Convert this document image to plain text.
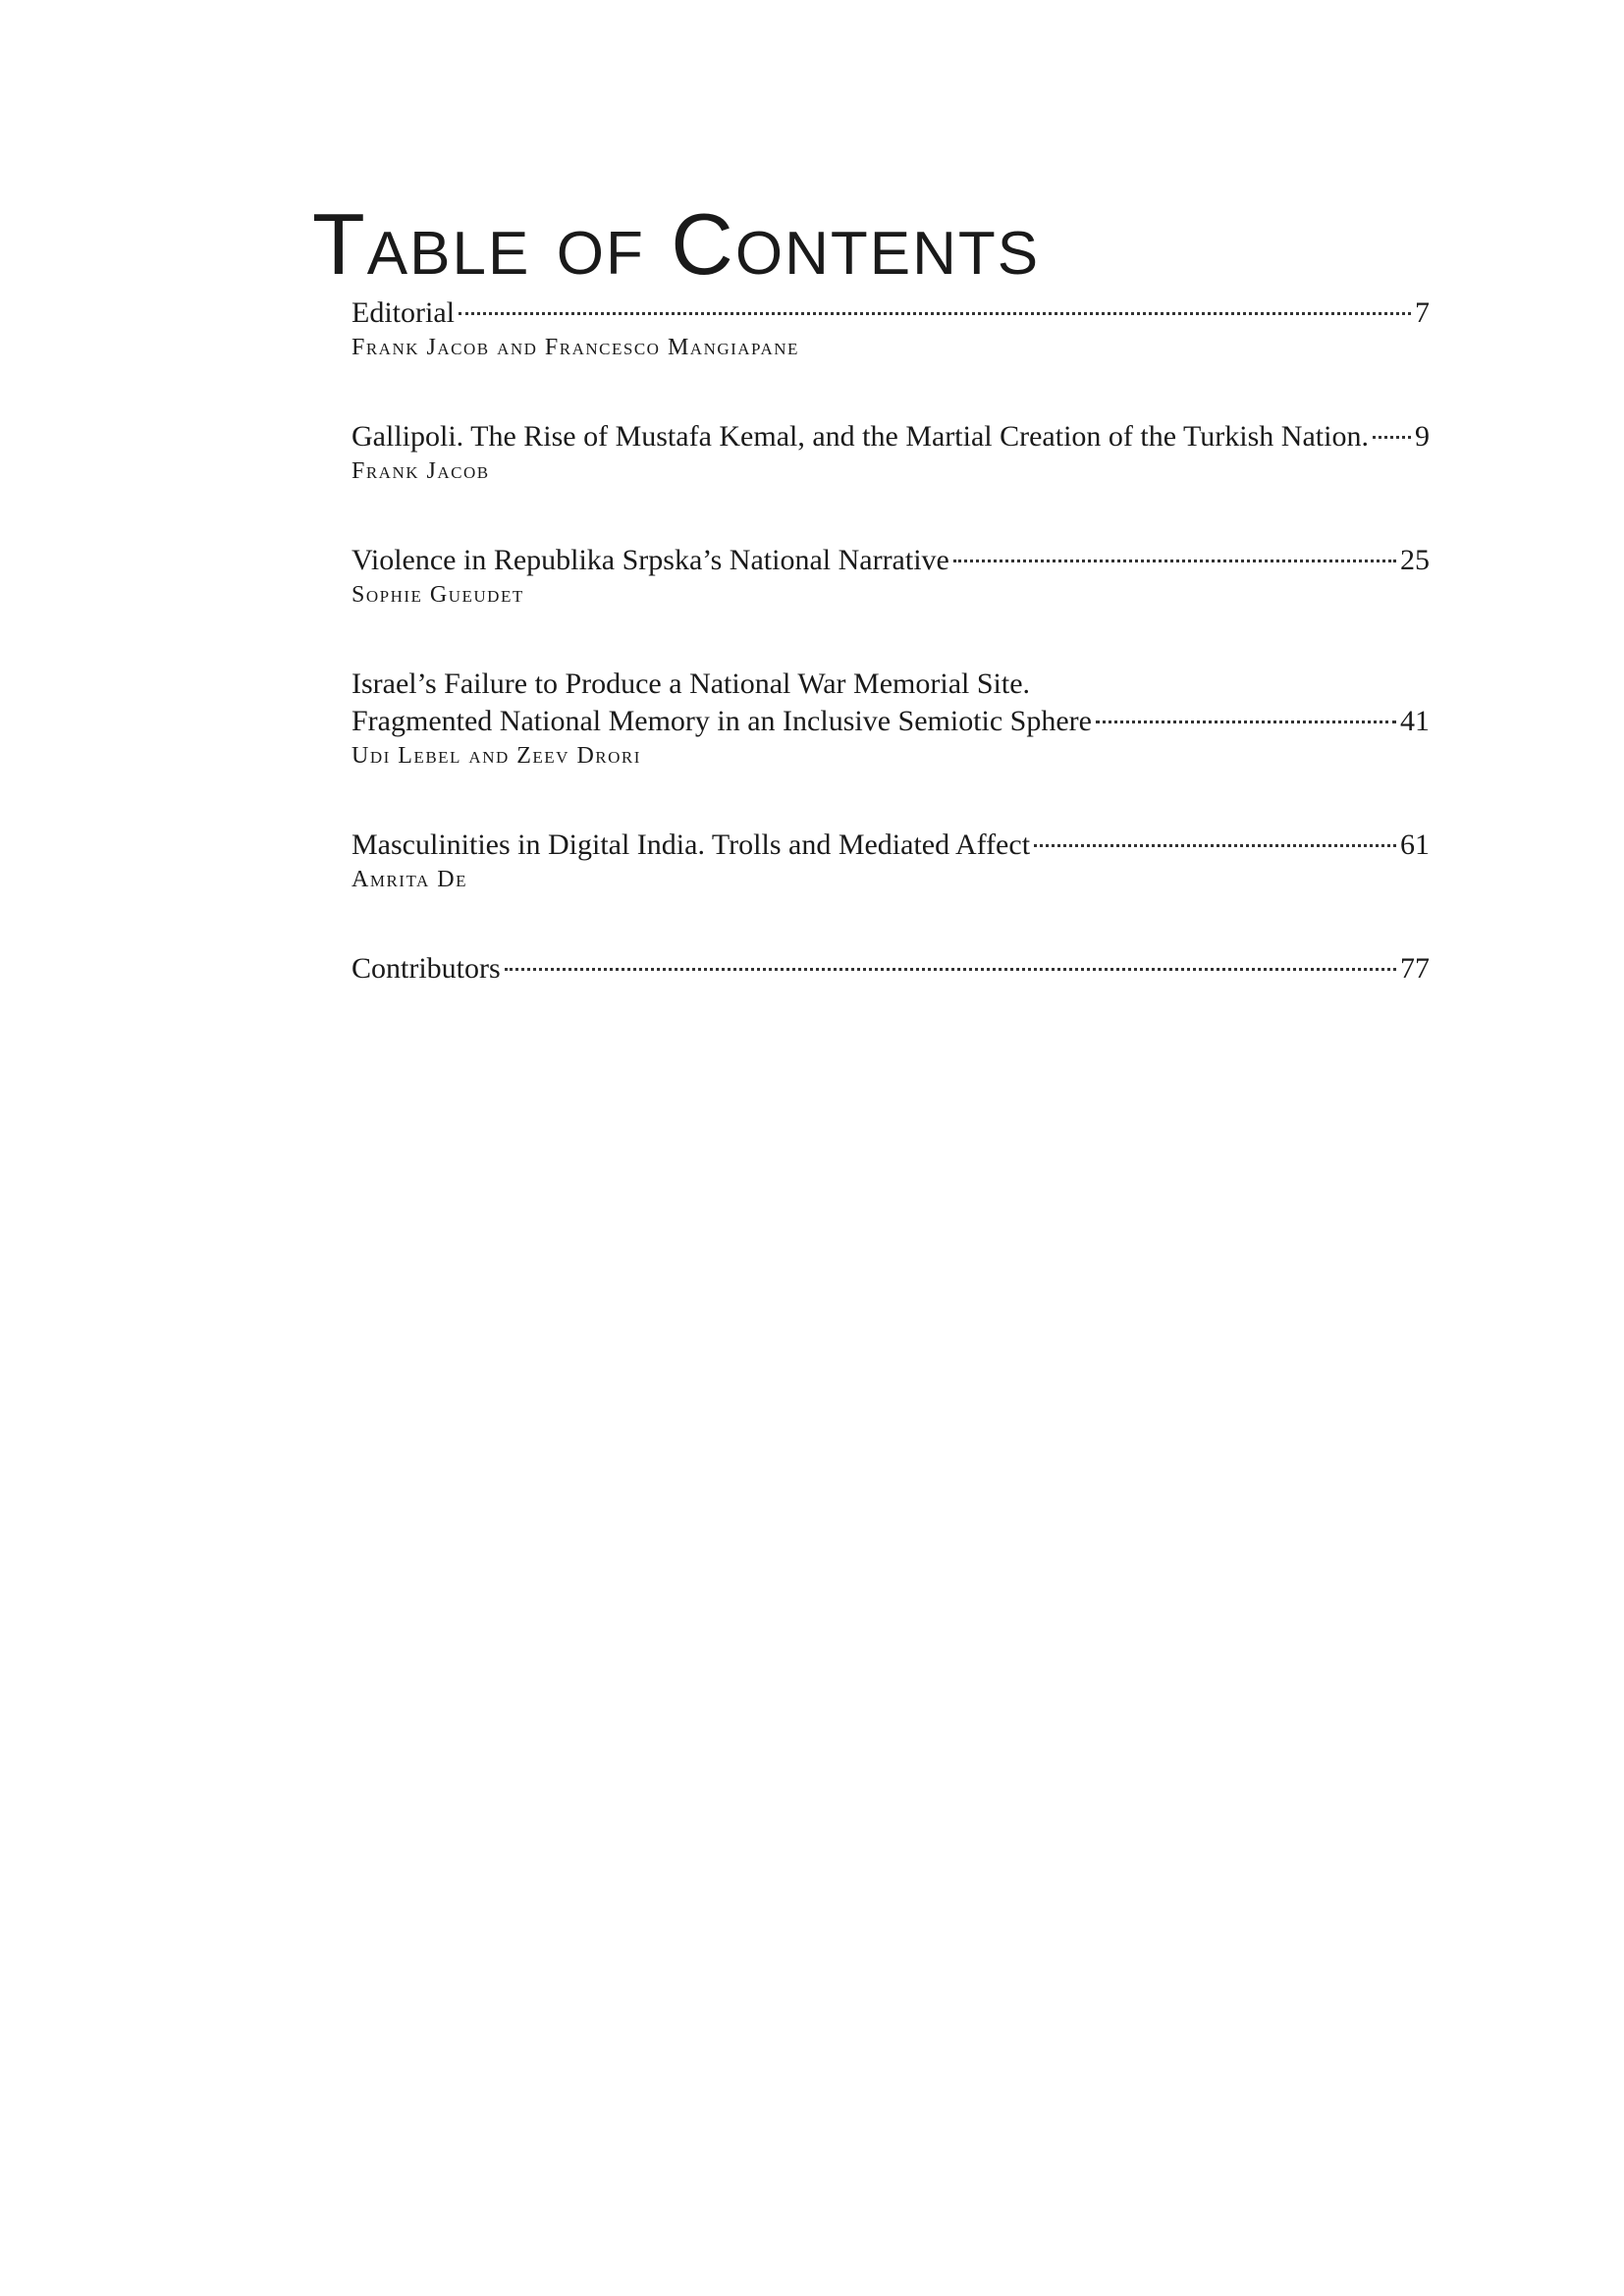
Table of Contents
Editorial	7
Frank Jacob and Francesco Mangiapane
Gallipoli. The Rise of Mustafa Kemal, and the Martial Creation of the Turkish Nation. 9
Frank Jacob
Violence in Republika Srpska’s National Narrative	25
Sophie Gueudet
Israel’s Failure to Produce a National War Memorial Site.
Fragmented National Memory in an Inclusive Semiotic Sphere	41
Udi Lebel and Zeev Drori
Masculinities in Digital India. Trolls and Mediated Affect	61
Amrita De
Contributors	77
